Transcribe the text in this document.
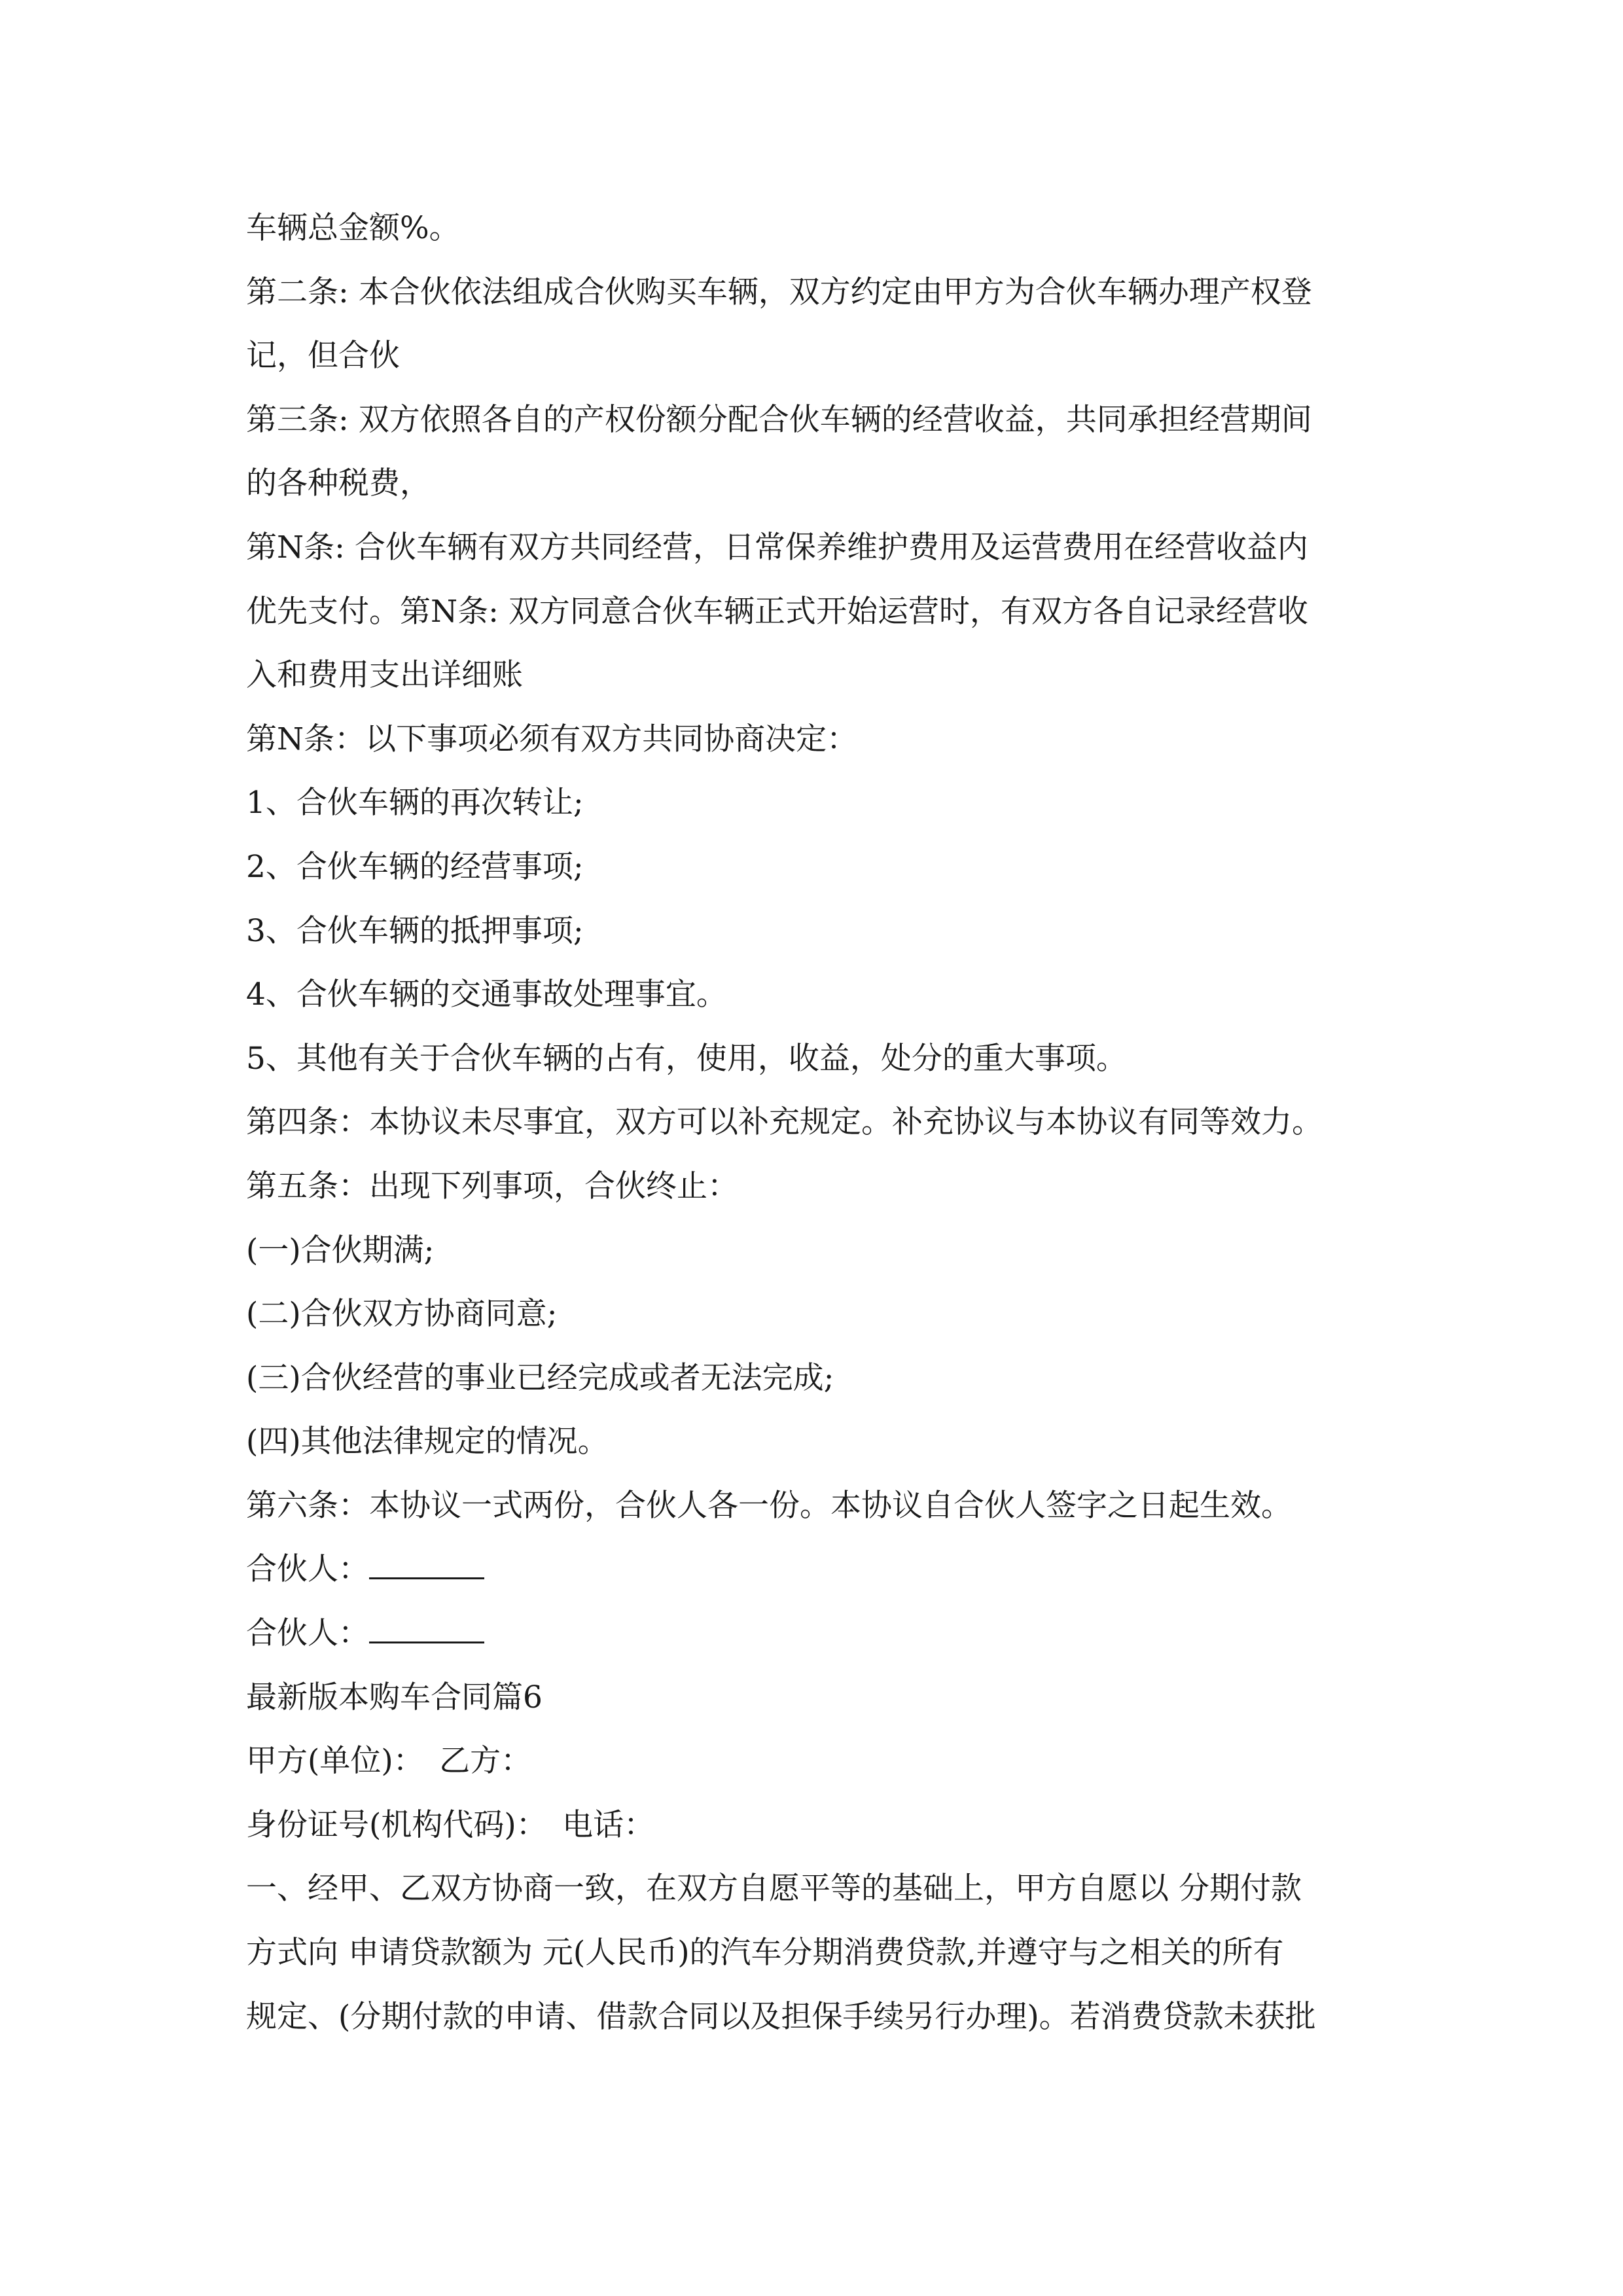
车辆总金额%。
第二条: 本合伙依法组成合伙购买车辆，双方约定由甲方为合伙车辆办理产权登
记，但合伙
第三条: 双方依照各自的产权份额分配合伙车辆的经营收益，共同承担经营期间
的各种税费，
第N条: 合伙车辆有双方共同经营，日常保养维护费用及运营费用在经营收益内
优先支付。第N条: 双方同意合伙车辆正式开始运营时，有双方各自记录经营收
入和费用支出详细账
第N条：以下事项必须有双方共同协商决定：
1、合伙车辆的再次转让;
2、合伙车辆的经营事项;
3、合伙车辆的抵押事项;
4、合伙车辆的交通事故处理事宜。
5、其他有关于合伙车辆的占有，使用，收益，处分的重大事项。
第四条：本协议未尽事宜，双方可以补充规定。补充协议与本协议有同等效力。
第五条：出现下列事项，合伙终止：
(一)合伙期满;
(二)合伙双方协商同意;
(三)合伙经营的事业已经完成或者无法完成;
(四)其他法律规定的情况。
第六条：本协议一式两份，合伙人各一份。本协议自合伙人签字之日起生效。
合伙人：
合伙人：
最新版本购车合同篇6
甲方(单位)：　乙方：
身份证号(机构代码)：　电话：
一、经甲、乙双方协商一致，在双方自愿平等的基础上，甲方自愿以 分期付款
方式向 申请贷款额为 元(人民币)的汽车分期消费贷款,并遵守与之相关的所有
规定、(分期付款的申请、借款合同以及担保手续另行办理)。若消费贷款未获批
